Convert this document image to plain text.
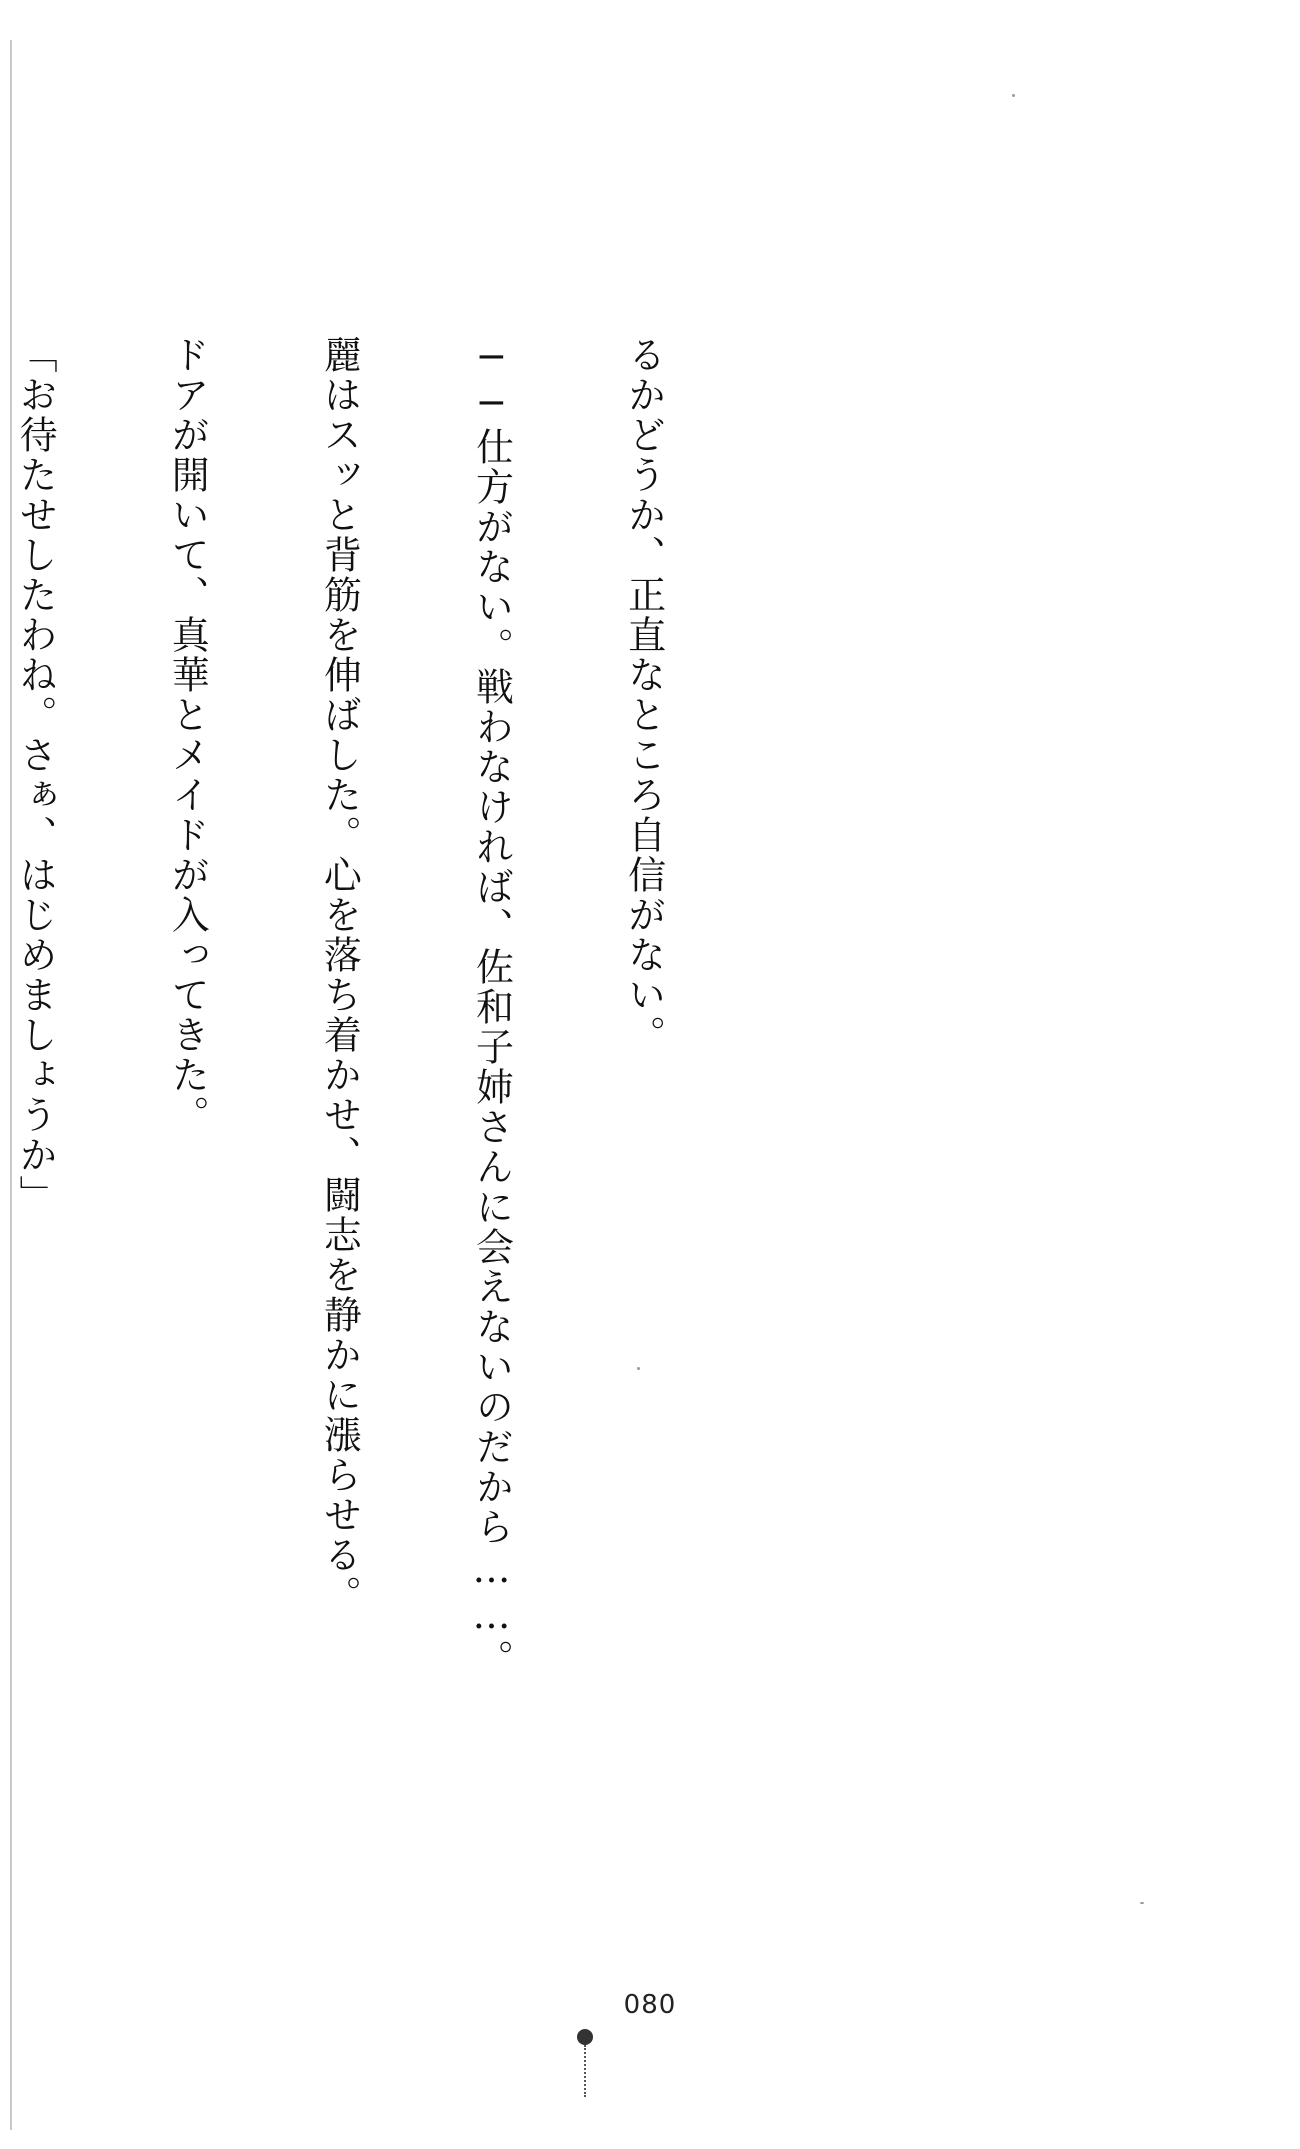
るかどうか、正直なところ自信がない。

──仕方がない。戦わなければ、佐和子姉さんに会えないのだから……。

麗はスッと背筋を伸ばした。心を落ち着かせ、闘志を静かに漲らせる。

ドアが開いて、真華とメイドが入ってきた。

「お待たせしたわね。さぁ、はじめましょうか」

080
